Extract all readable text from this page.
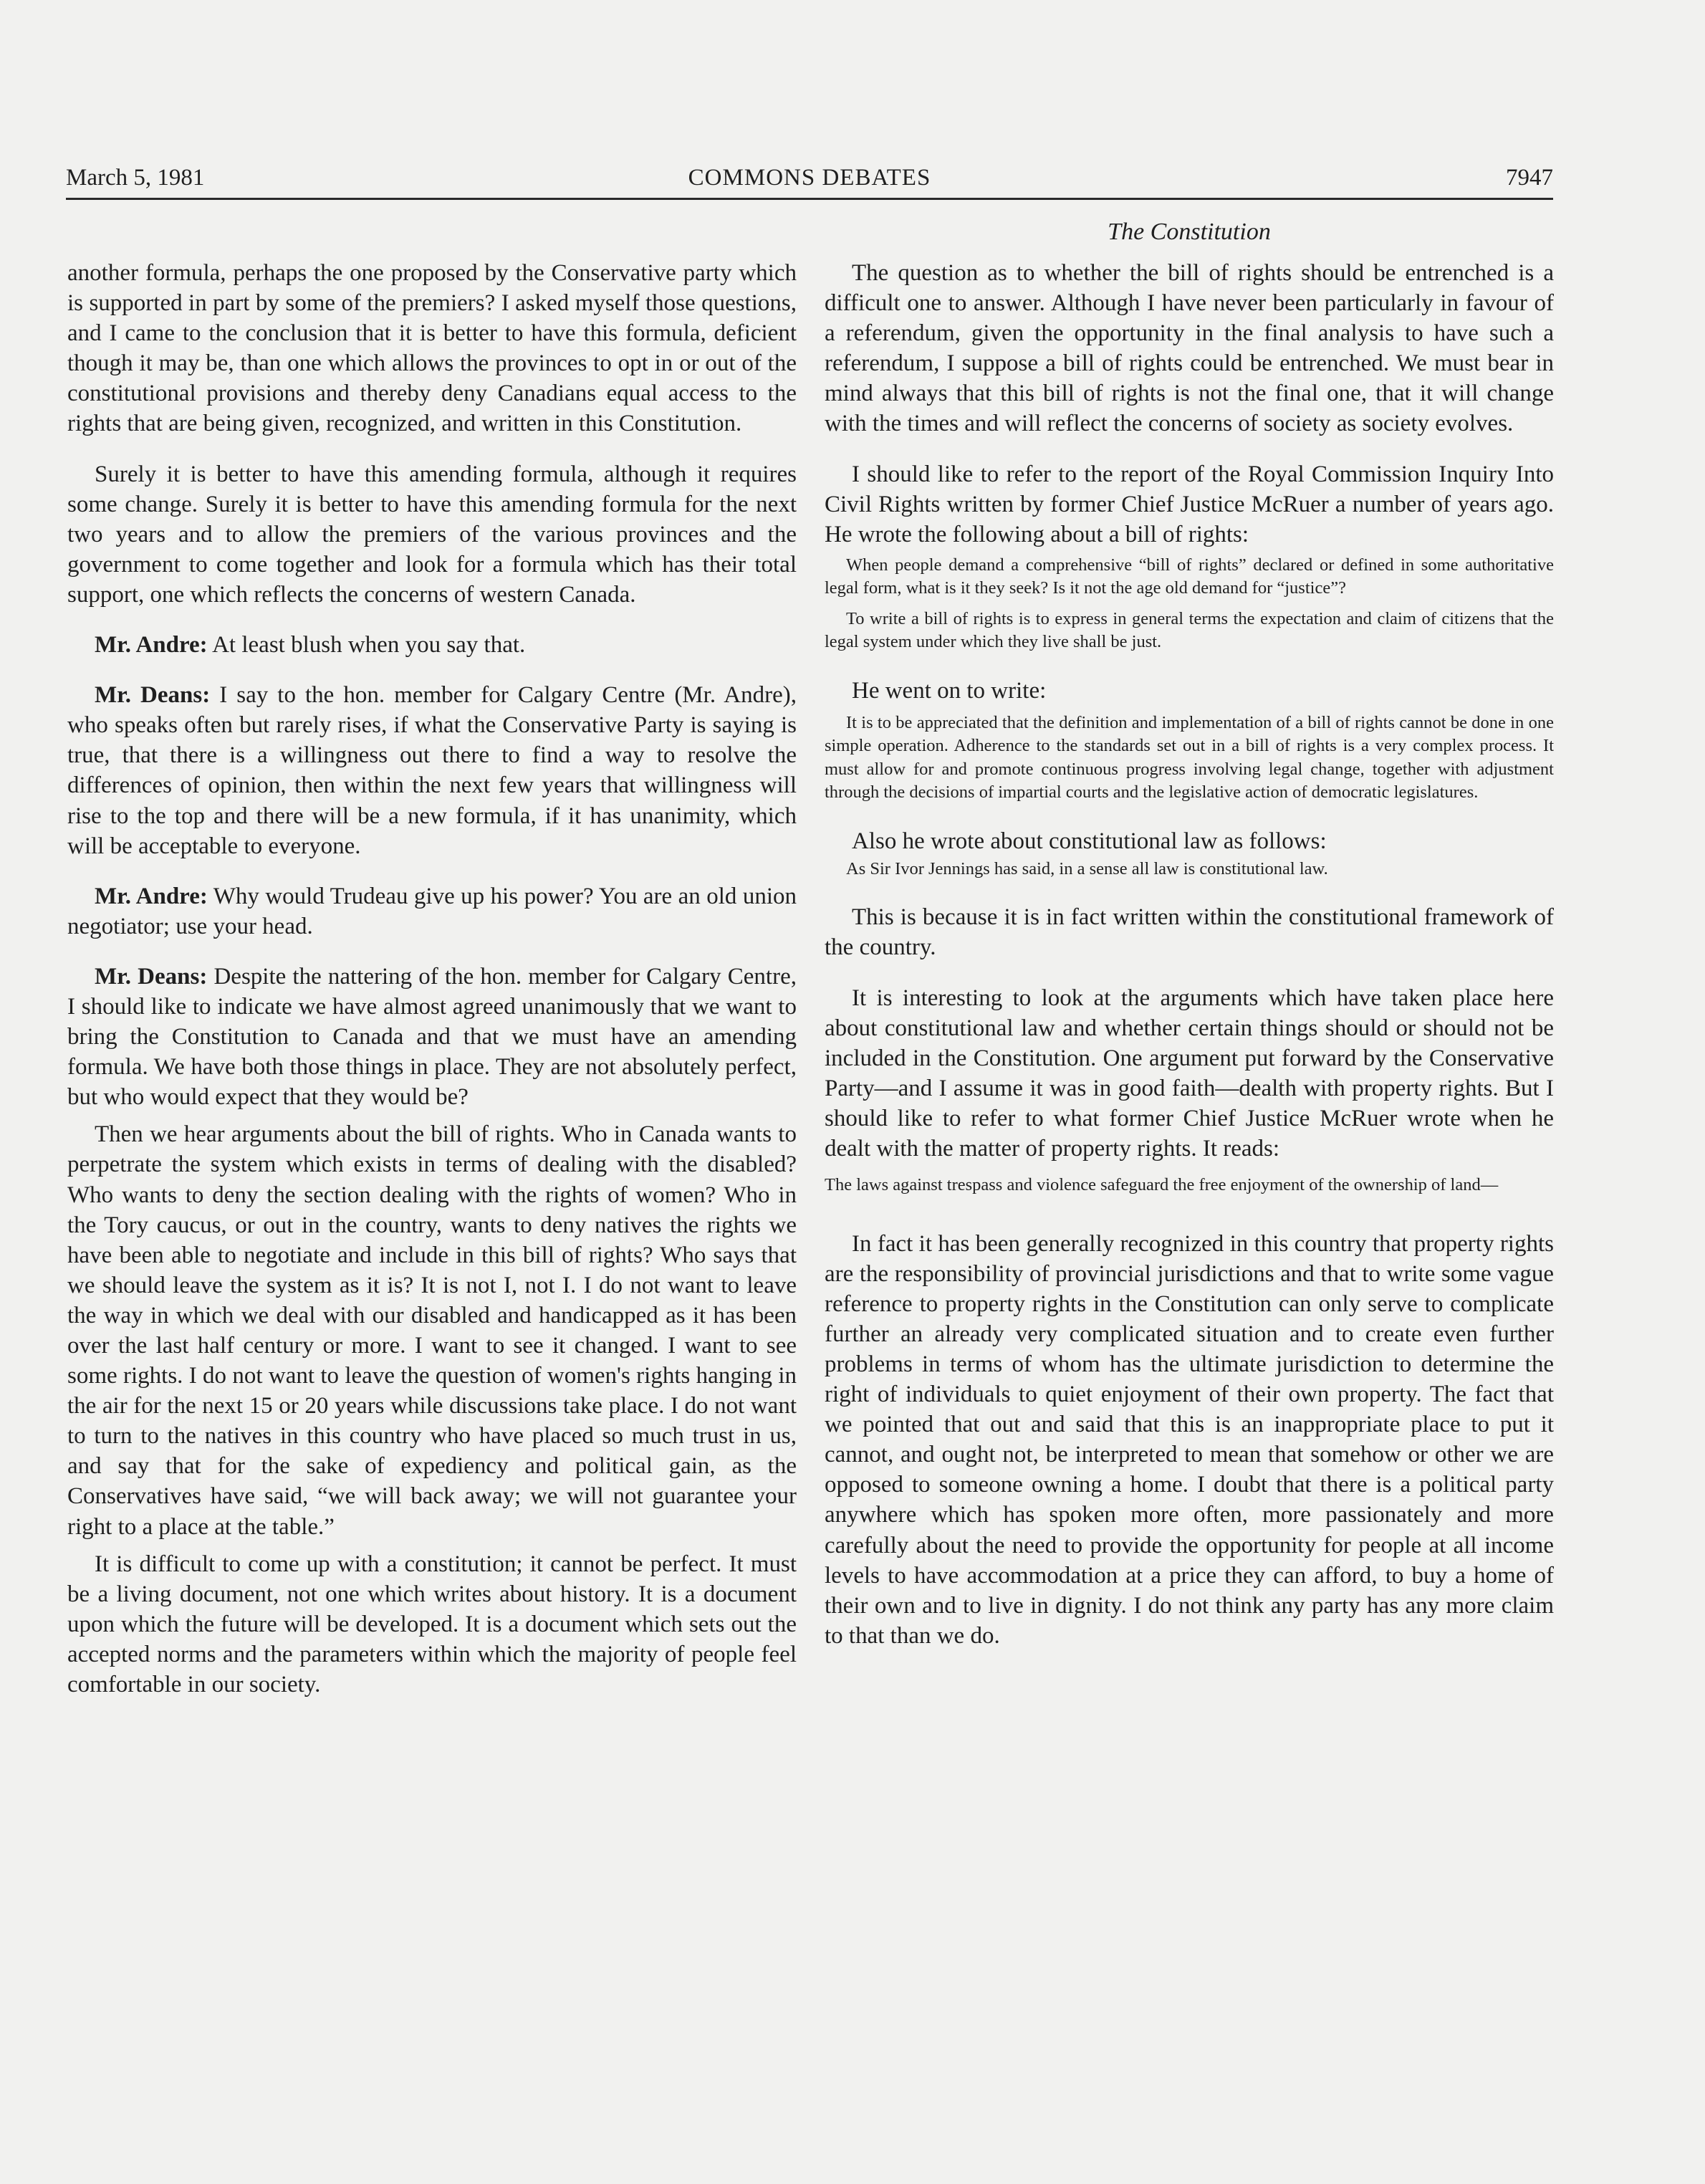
March 5, 1981	COMMONS DEBATES	7947

another formula, perhaps the one proposed by the Conservative party which is supported in part by some of the premiers? I asked myself those questions, and I came to the conclusion that it is better to have this formula, deficient though it may be, than one which allows the provinces to opt in or out of the constitutional provisions and thereby deny Canadians equal access to the rights that are being given, recognized, and written in this Constitution.

Surely it is better to have this amending formula, although it requires some change. Surely it is better to have this amending formula for the next two years and to allow the premiers of the various provinces and the government to come together and look for a formula which has their total support, one which reflects the concerns of western Canada.

Mr. Andre: At least blush when you say that.

Mr. Deans: I say to the hon. member for Calgary Centre (Mr. Andre), who speaks often but rarely rises, if what the Conservative Party is saying is true, that there is a willingness out there to find a way to resolve the differences of opinion, then within the next few years that willingness will rise to the top and there will be a new formula, if it has unanimity, which will be acceptable to everyone.

Mr. Andre: Why would Trudeau give up his power? You are an old union negotiator; use your head.

Mr. Deans: Despite the nattering of the hon. member for Calgary Centre, I should like to indicate we have almost agreed unanimously that we want to bring the Constitution to Canada and that we must have an amending formula. We have both those things in place. They are not absolutely perfect, but who would expect that they would be?

Then we hear arguments about the bill of rights. Who in Canada wants to perpetrate the system which exists in terms of dealing with the disabled? Who wants to deny the section dealing with the rights of women? Who in the Tory caucus, or out in the country, wants to deny natives the rights we have been able to negotiate and include in this bill of rights? Who says that we should leave the system as it is? It is not I, not I. I do not want to leave the way in which we deal with our disabled and handicapped as it has been over the last half century or more. I want to see it changed. I want to see some rights. I do not want to leave the question of women's rights hanging in the air for the next 15 or 20 years while discussions take place. I do not want to turn to the natives in this country who have placed so much trust in us, and say that for the sake of expediency and political gain, as the Conservatives have said, “we will back away; we will not guarantee your right to a place at the table.”

It is difficult to come up with a constitution; it cannot be perfect. It must be a living document, not one which writes about history. It is a document upon which the future will be developed. It is a document which sets out the accepted norms and the parameters within which the majority of people feel comfortable in our society.

The Constitution

The question as to whether the bill of rights should be entrenched is a difficult one to answer. Although I have never been particularly in favour of a referendum, given the opportunity in the final analysis to have such a referendum, I suppose a bill of rights could be entrenched. We must bear in mind always that this bill of rights is not the final one, that it will change with the times and will reflect the concerns of society as society evolves.

I should like to refer to the report of the Royal Commission Inquiry Into Civil Rights written by former Chief Justice McRuer a number of years ago. He wrote the following about a bill of rights:

When people demand a comprehensive “bill of rights” declared or defined in some authoritative legal form, what is it they seek? Is it not the age old demand for “justice”?
To write a bill of rights is to express in general terms the expectation and claim of citizens that the legal system under which they live shall be just.
He went on to write:
It is to be appreciated that the definition and implementation of a bill of rights cannot be done in one simple operation. Adherence to the standards set out in a bill of rights is a very complex process. It must allow for and promote continuous progress involving legal change, together with adjustment through the decisions of impartial courts and the legislative action of democratic legislatures.
Also he wrote about constitutional law as follows:
As Sir Ivor Jennings has said, in a sense all law is constitutional law.

This is because it is in fact written within the constitutional framework of the country.

It is interesting to look at the arguments which have taken place here about constitutional law and whether certain things should or should not be included in the Constitution. One argument put forward by the Conservative Party—and I assume it was in good faith—dealth with property rights. But I should like to refer to what former Chief Justice McRuer wrote when he dealt with the matter of property rights. It reads:

The laws against trespass and violence safeguard the free enjoyment of the ownership of land—

In fact it has been generally recognized in this country that property rights are the responsibility of provincial jurisdictions and that to write some vague reference to property rights in the Constitution can only serve to complicate further an already very complicated situation and to create even further problems in terms of whom has the ultimate jurisdiction to determine the right of individuals to quiet enjoyment of their own property. The fact that we pointed that out and said that this is an inappropriate place to put it cannot, and ought not, be interpreted to mean that somehow or other we are opposed to someone owning a home. I doubt that there is a political party anywhere which has spoken more often, more passionately and more carefully about the need to provide the opportunity for people at all income levels to have accommodation at a price they can afford, to buy a home of their own and to live in dignity. I do not think any party has any more claim to that than we do.
